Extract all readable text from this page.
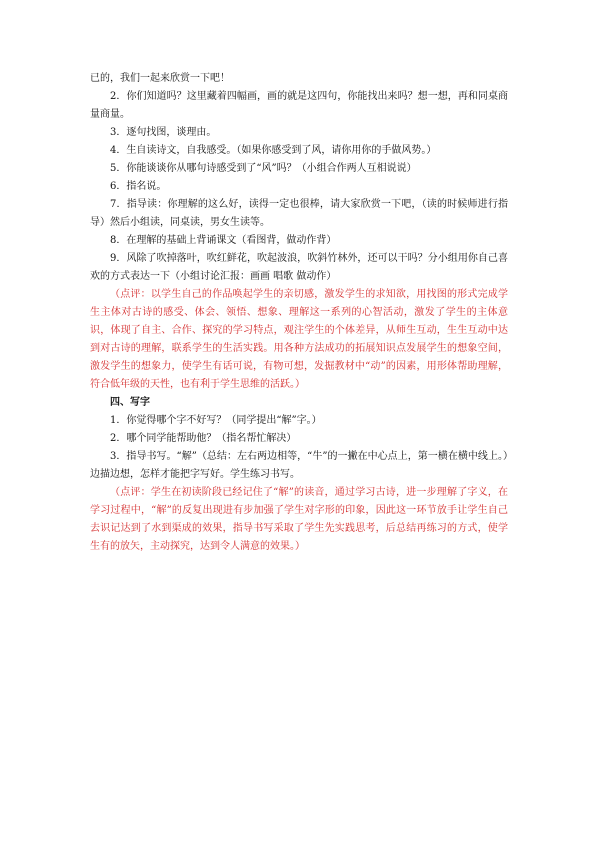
已的，我们一起来欣赏一下吧！

2．你们知道吗？这里藏着四幅画，画的就是这四句，你能找出来吗？想一想，再和同桌商量商量。

3．逐句找图，谈理由。

4．生自读诗文，自我感受。（如果你感受到了风，请你用你的手做风势。）

5．你能谈谈你从哪句诗感受到了“风”吗？（小组合作两人互相说说）

6．指名说。

7．指导读：你理解的这么好，读得一定也很棒，请大家欣赏一下吧，（读的时候师进行指导）然后小组读，同桌读，男女生读等。

8．在理解的基础上背诵课文（看图背，做动作背）

9．风除了吹掉落叶，吹红鲜花，吹起波浪，吹斜竹林外，还可以干吗？分小组用你自己喜欢的方式表达一下（小组讨论汇报：画画 唱歌 做动作）

（点评：以学生自己的作品唤起学生的亲切感，激发学生的求知欲，用找图的形式完成学生主体对古诗的感受、体会、领悟、想象、理解这一系列的心智活动，激发了学生的主体意识，体现了自主、合作、探究的学习特点，观注学生的个体差异，从师生互动，生生互动中达到对古诗的理解，联系学生的生活实践。用各种方法成功的拓展知识点发展学生的想象空间，激发学生的想象力，使学生有话可说，有物可想，发掘教材中“动”的因素，用形体帮助理解，符合低年级的天性，也有利于学生思维的活跃。）

四、写字

1．你觉得哪个字不好写？（同学提出“解”字。）

2．哪个同学能帮助他？（指名帮忙解决）

3．指导书写。“解”（总结：左右两边相等，“牛”的一撇在中心点上，第一横在横中线上。）边描边想，怎样才能把字写好。学生练习书写。

（点评：学生在初读阶段已经记住了“解”的读音，通过学习古诗，进一步理解了字义，在学习过程中，“解”的反复出现进有步加强了学生对字形的印象，因此这一环节放手让学生自己去识记达到了水到渠成的效果，指导书写采取了学生先实践思考，后总结再练习的方式，使学生有的放矢，主动探究，达到令人满意的效果。）
